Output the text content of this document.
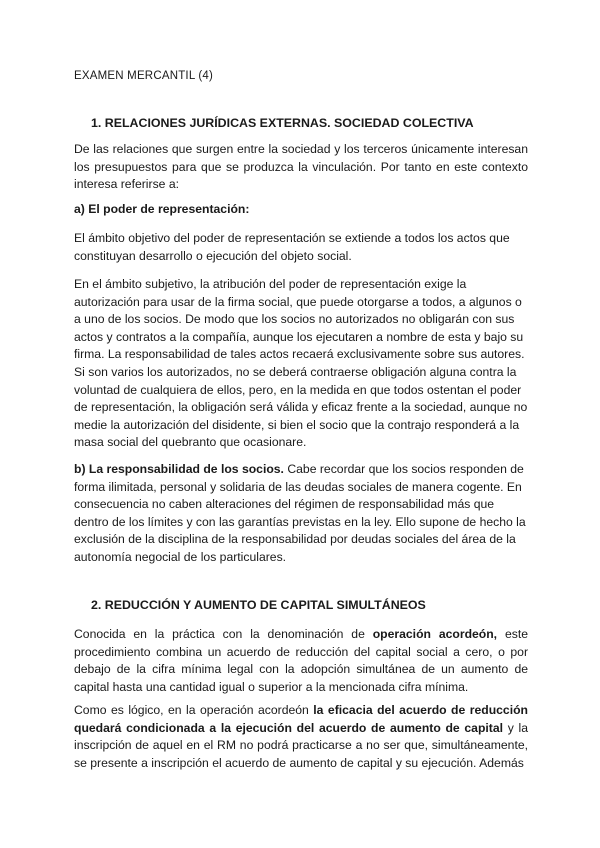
EXAMEN MERCANTIL (4)
1. RELACIONES JURÍDICAS EXTERNAS. SOCIEDAD COLECTIVA
De las relaciones que surgen entre la sociedad y los terceros únicamente interesan los presupuestos para que se produzca la vinculación. Por tanto en este contexto interesa referirse a:
a) El poder de representación:
El ámbito objetivo del poder de representación se extiende a todos los actos que constituyan desarrollo o ejecución del objeto social.
En el ámbito subjetivo, la atribución del poder de representación exige la autorización para usar de la firma social, que puede otorgarse a todos, a algunos o a uno de los socios. De modo que los socios no autorizados no obligarán con sus actos y contratos a la compañía, aunque los ejecutaren a nombre de esta y bajo su firma. La responsabilidad de tales actos recaerá exclusivamente sobre sus autores. Si son varios los autorizados, no se deberá contraerse obligación alguna contra la voluntad de cualquiera de ellos, pero, en la medida en que todos ostentan el poder de representación, la obligación será válida y eficaz frente a la sociedad, aunque no medie la autorización del disidente, si bien el socio que la contrajo responderá a la masa social del quebranto que ocasionare.
b) La responsabilidad de los socios. Cabe recordar que los socios responden de forma ilimitada, personal y solidaria de las deudas sociales de manera cogente. En consecuencia no caben alteraciones del régimen de responsabilidad más que dentro de los límites y con las garantías previstas en la ley. Ello supone de hecho la exclusión de la disciplina de la responsabilidad por deudas sociales del área de la autonomía negocial de los particulares.
2. REDUCCIÓN Y AUMENTO DE CAPITAL SIMULTÁNEOS
Conocida en la práctica con la denominación de operación acordeón, este procedimiento combina un acuerdo de reducción del capital social a cero, o por debajo de la cifra mínima legal con la adopción simultánea de un aumento de capital hasta una cantidad igual o superior a la mencionada cifra mínima.
Como es lógico, en la operación acordeón la eficacia del acuerdo de reducción quedará condicionada a la ejecución del acuerdo de aumento de capital y la inscripción de aquel en el RM no podrá practicarse a no ser que, simultáneamente, se presente a inscripción el acuerdo de aumento de capital y su ejecución. Además
